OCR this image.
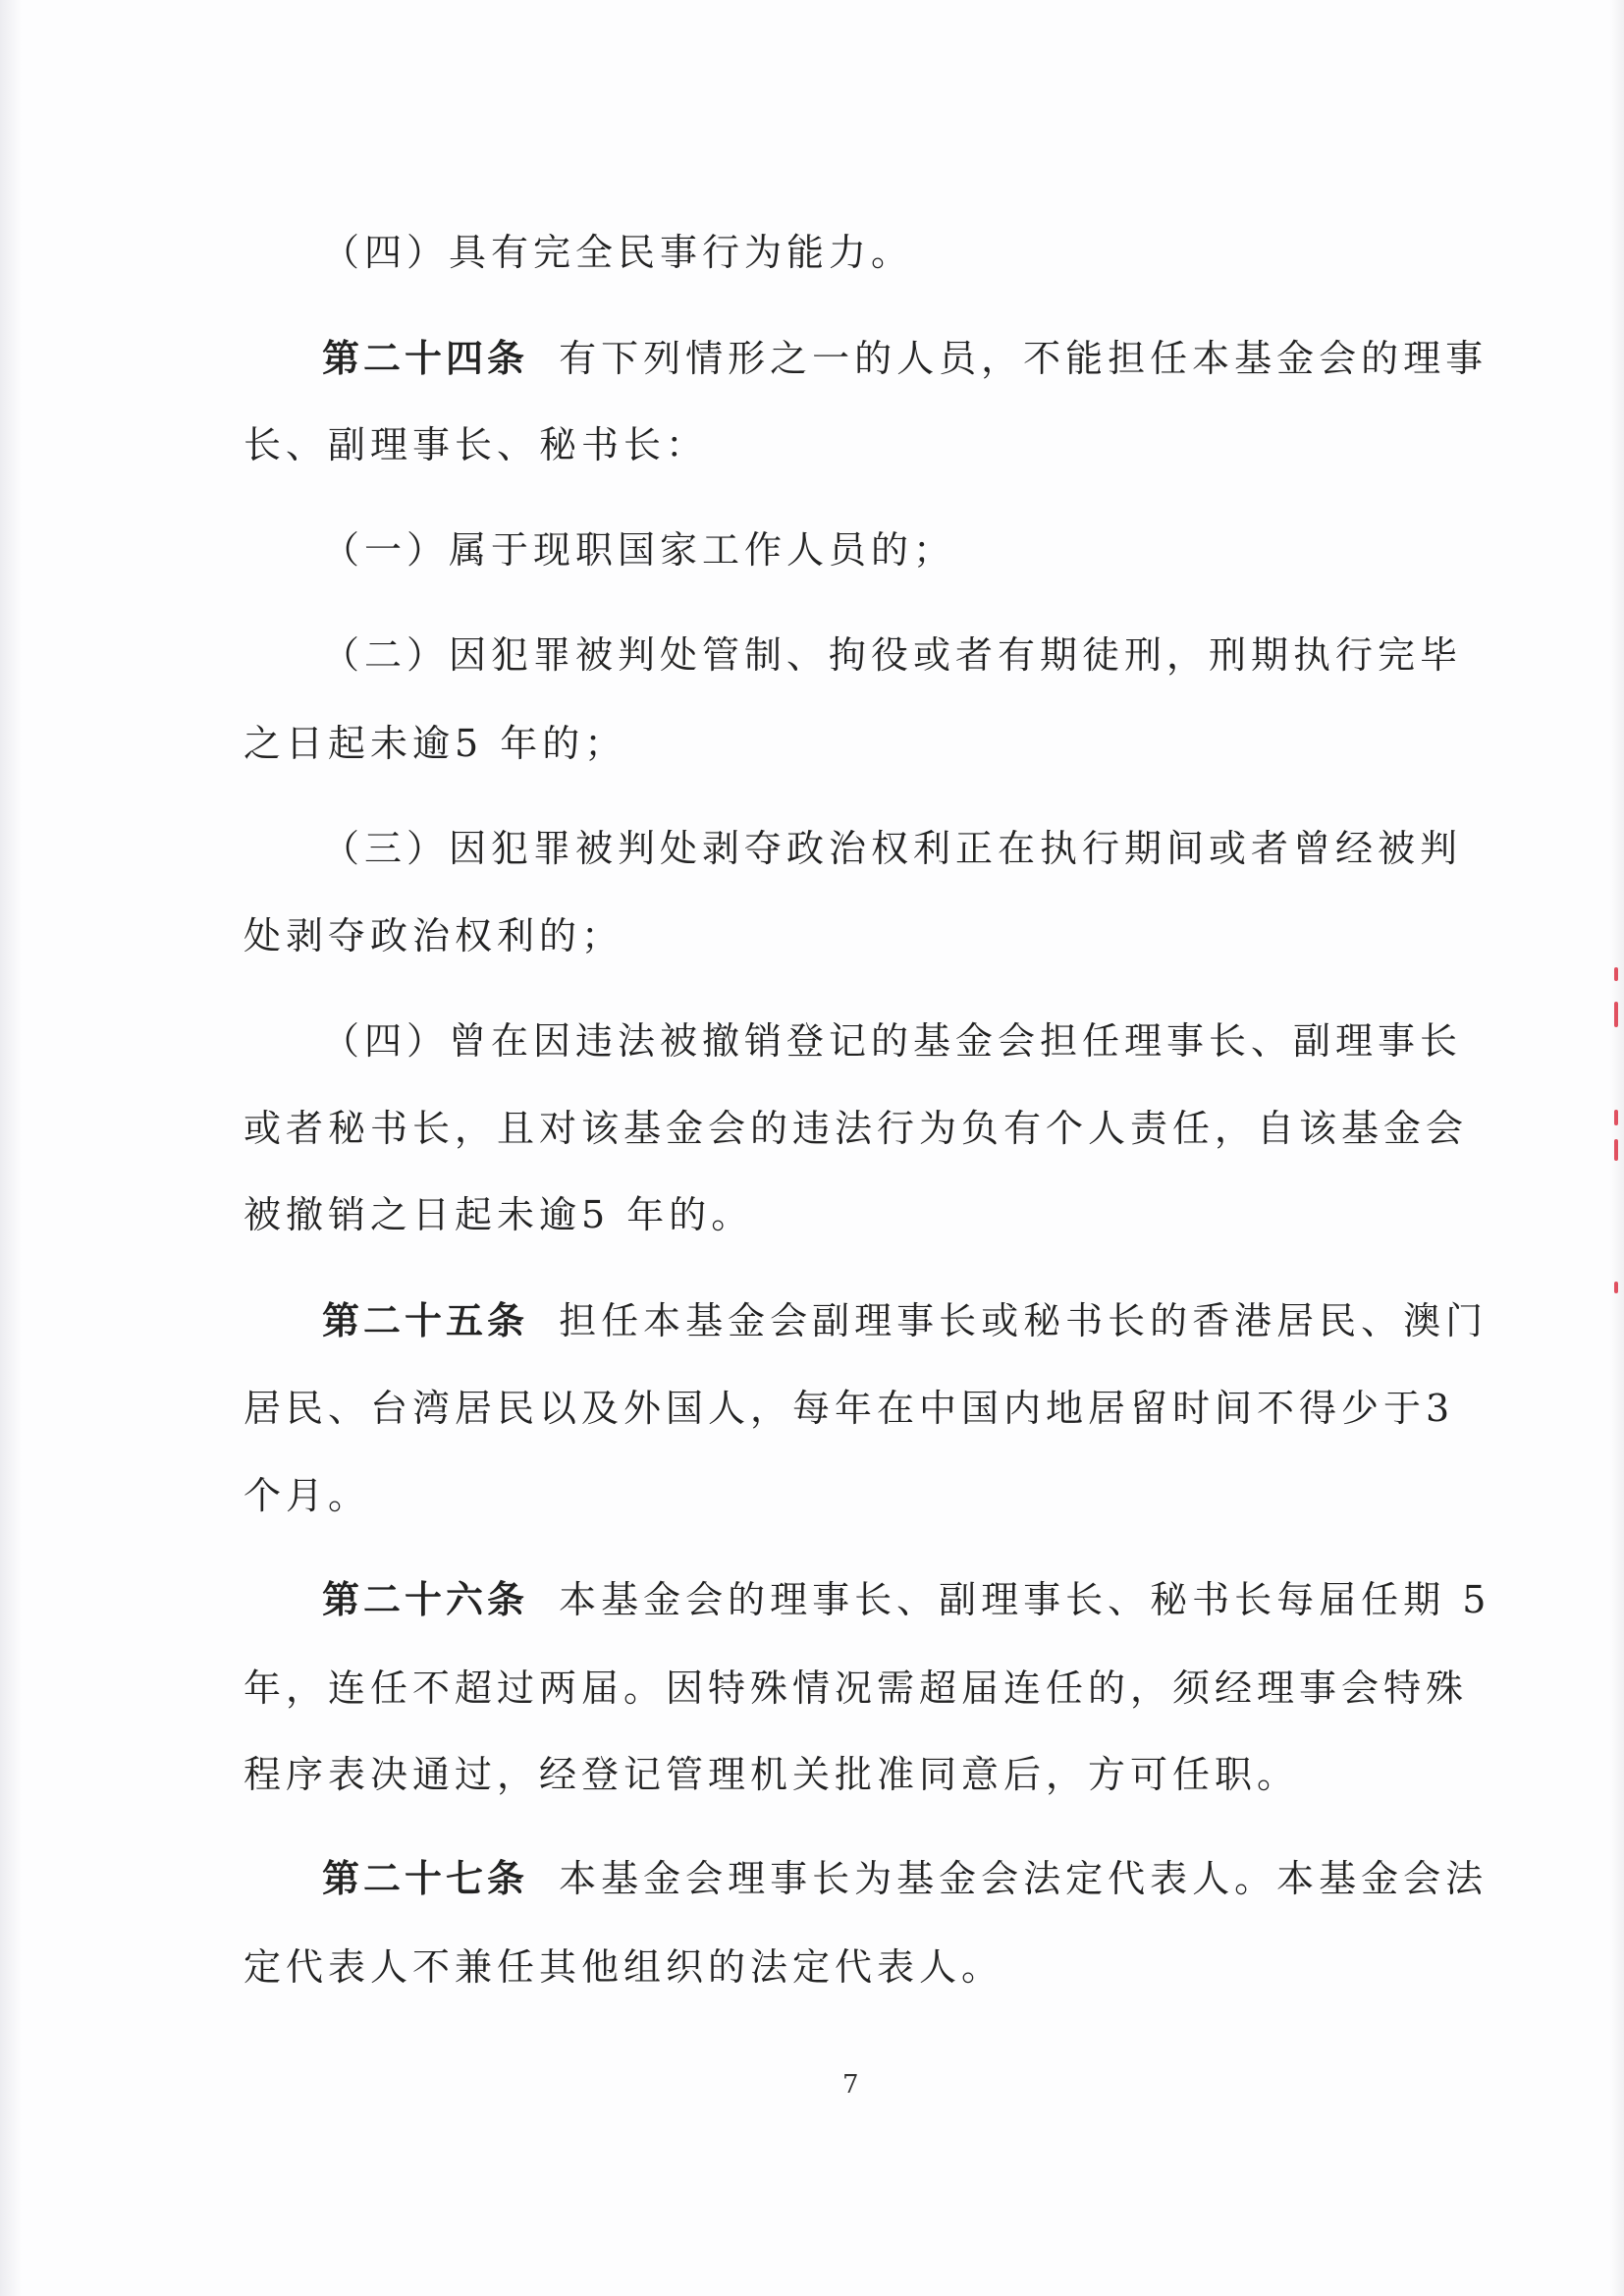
（四）具有完全民事行为能力。
第二十四条 有下列情形之一的人员，不能担任本基金会的理事
长、副理事长、秘书长：
（一）属于现职国家工作人员的；
（二）因犯罪被判处管制、拘役或者有期徒刑，刑期执行完毕
之日起未逾5 年的；
（三）因犯罪被判处剥夺政治权利正在执行期间或者曾经被判
处剥夺政治权利的；
（四）曾在因违法被撤销登记的基金会担任理事长、副理事长
或者秘书长，且对该基金会的违法行为负有个人责任，自该基金会
被撤销之日起未逾5 年的。
第二十五条 担任本基金会副理事长或秘书长的香港居民、澳门
居民、台湾居民以及外国人，每年在中国内地居留时间不得少于3
个月。
第二十六条 本基金会的理事长、副理事长、秘书长每届任期 5
年，连任不超过两届。因特殊情况需超届连任的，须经理事会特殊
程序表决通过，经登记管理机关批准同意后，方可任职。
第二十七条 本基金会理事长为基金会法定代表人。本基金会法
定代表人不兼任其他组织的法定代表人。
7
